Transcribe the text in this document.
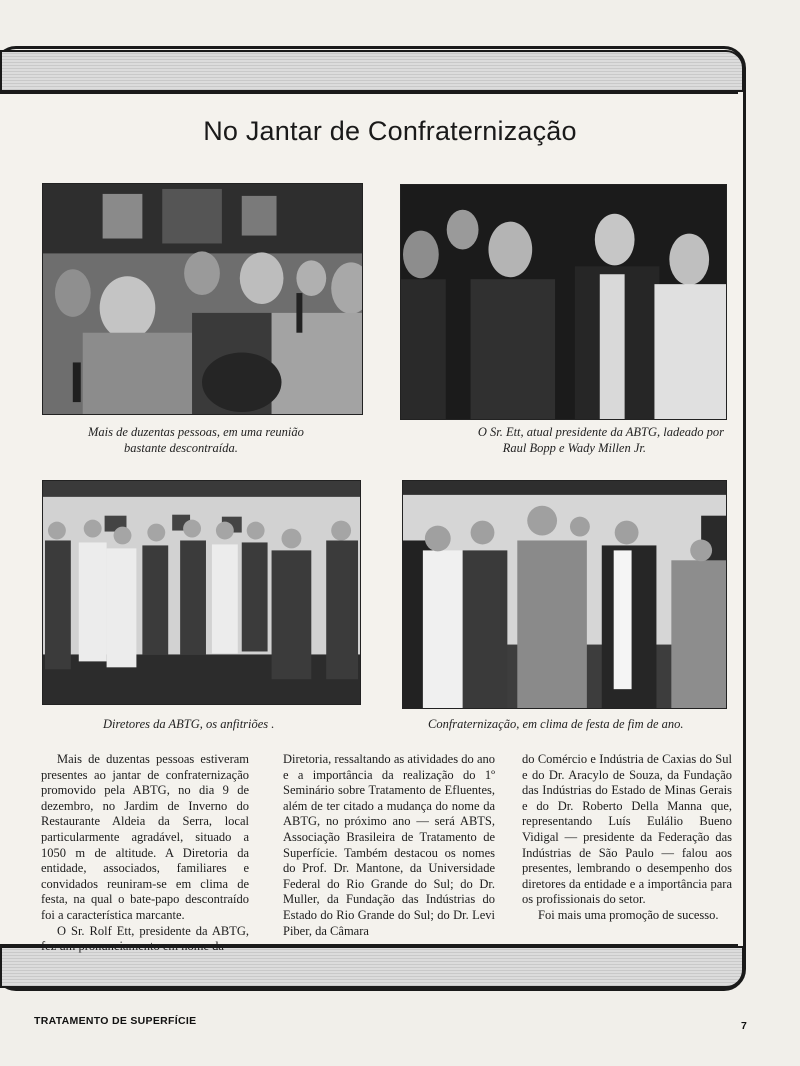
No Jantar de Confraternização
Mais de duzentas pessoas, em uma reunião
bastante descontraída.
O Sr. Ett, atual presidente da ABTG, ladeado por
Raul Bopp e Wady Millen Jr.
Diretores da ABTG, os anfitriões .	Confraternização, em clima de festa de fim de ano.

Mais de duzentas pessoas estiveram presentes ao jantar de confraternização promovido pela ABTG, no dia 9 de dezembro, no Jardim de Inverno do Restaurante Aldeia da Serra, local particularmente agradável, situado a 1050 m de altitude. A Diretoria da entidade, associados, familiares e convidados reuniram-se em clima de festa, na qual o bate-papo descontraído foi a característica marcante.

O Sr. Rolf Ett, presidente da ABTG, fez um pronunciamento em nome da

Diretoria, ressaltando as atividades do ano e a importância da realização do 1º Seminário sobre Tratamento de Efluentes, além de ter citado a mudança do nome da ABTG, no próximo ano — será ABTS, Associação Brasileira de Tratamento de Superfície. Também destacou os nomes do Prof. Dr. Mantone, da Universidade Federal do Rio Grande do Sul; do Dr. Muller, da Fundação das Indústrias do Estado do Rio Grande do Sul; do Dr. Levi Piber, da Câmara

do Comércio e Indústria de Caxias do Sul e do Dr. Aracylo de Souza, da Fundação das Indústrias do Estado de Minas Gerais e do Dr. Roberto Della Manna que, representando Luís Eulálio Bueno Vidigal — presidente da Federação das Indústrias de São Paulo — falou aos presentes, lembrando o desempenho dos diretores da entidade e a importância para os profissionais do setor.

Foi mais uma promoção de sucesso.

TRATAMENTO DE SUPERFÍCIE	7
